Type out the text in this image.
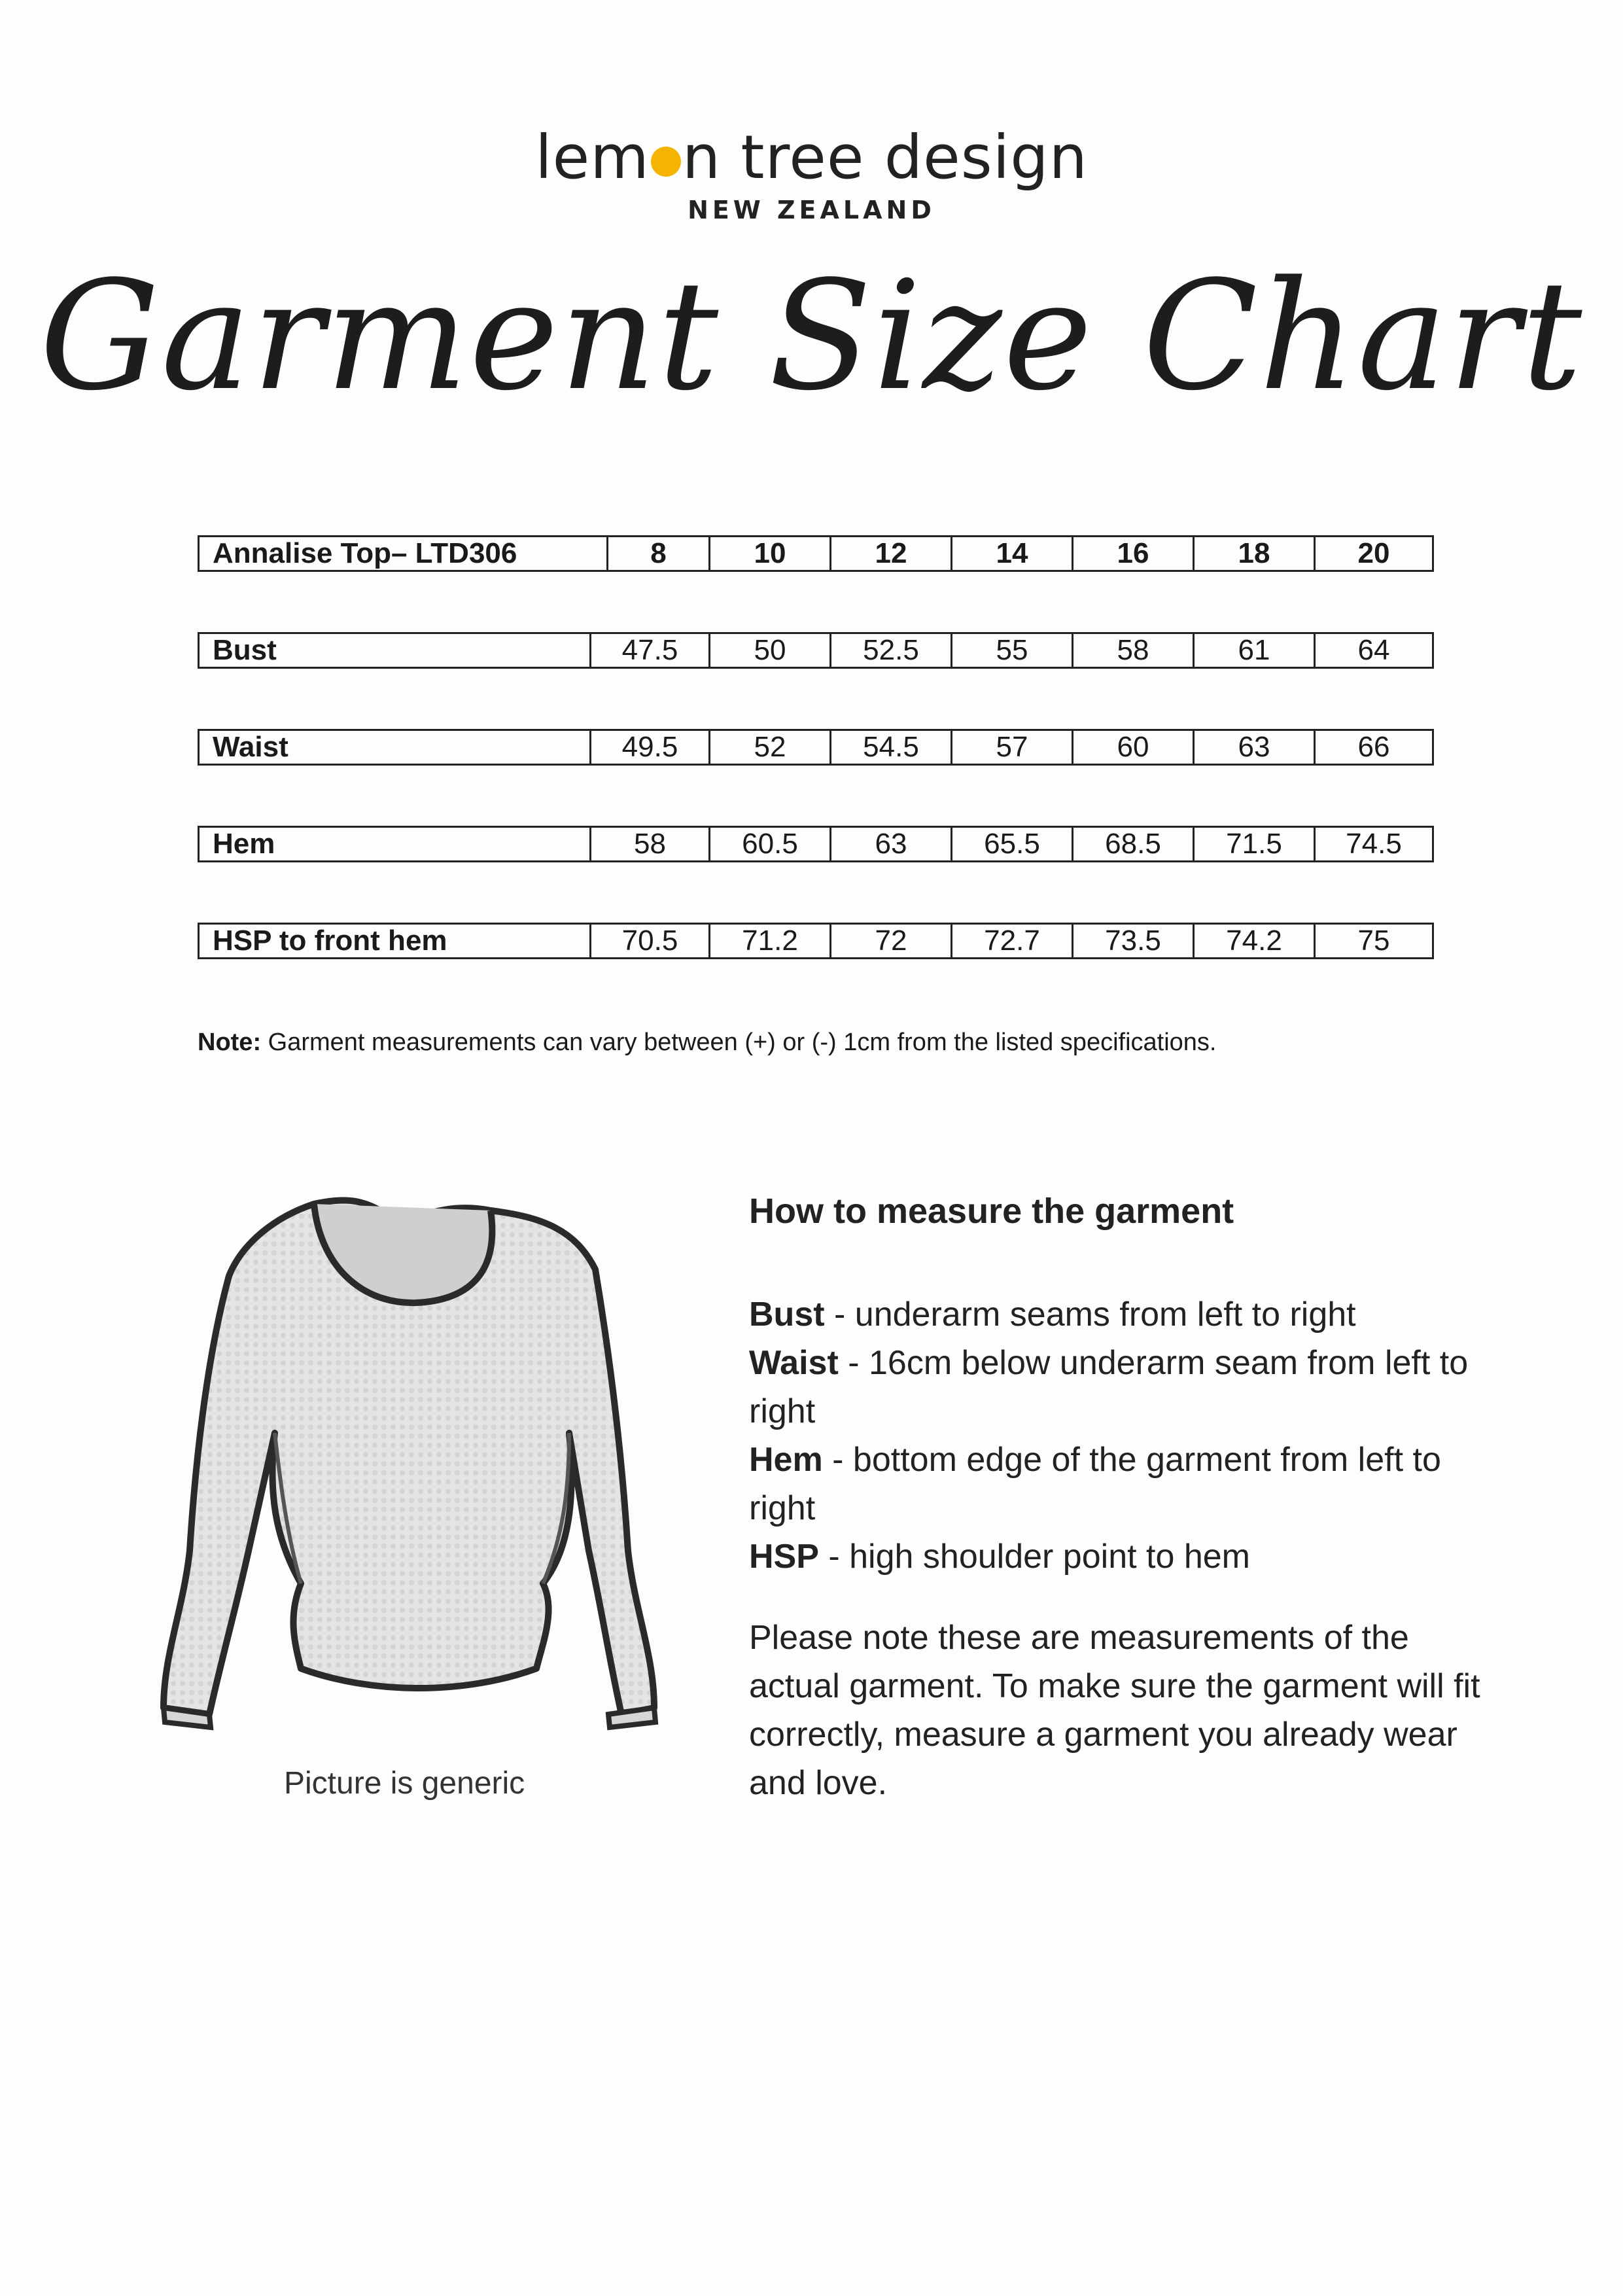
lem n tree design
NEW ZEALAND
Garment Size Chart
Annalise Top– LTD306	8	10	12	14	16	18	20
Bust	47.5	50	52.5	55	58	61	64
Waist	49.5	52	54.5	57	60	63	66
Hem	58	60.5	63	65.5	68.5	71.5	74.5
HSP to front hem	70.5	71.2	72	72.7	73.5	74.2	75
Note: Garment measurements can vary between (+) or (-) 1cm from the listed specifications.
Picture is generic
How to measure the garment
Bust - underarm seams from left to right
Waist - 16cm below underarm seam from left to right
Hem - bottom edge of the garment from left to right
HSP - high shoulder point to hem
Please note these are measurements of the actual garment. To make sure the garment will fit correctly, measure a garment you already wear and love.
